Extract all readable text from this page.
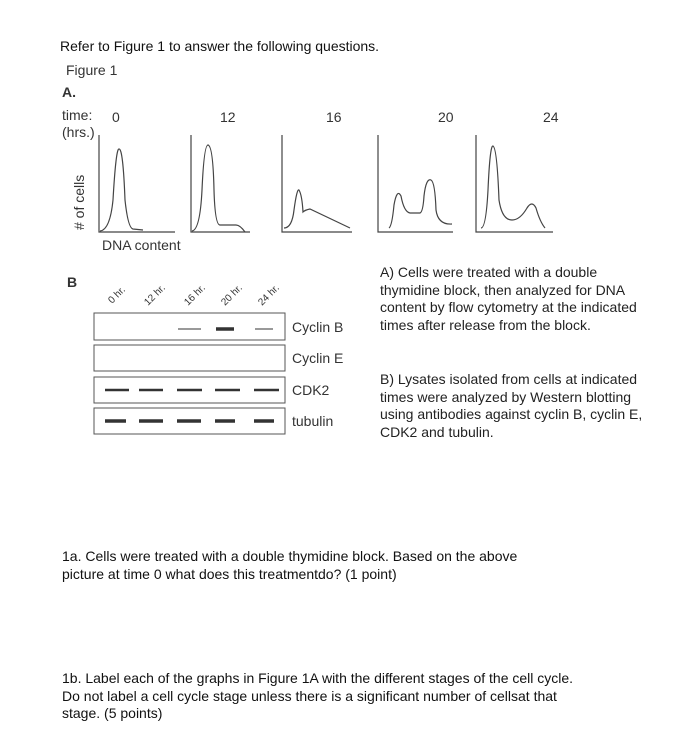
Refer to Figure 1 to answer the following questions.
Figure 1
A.
time:
(hrs.)
# of cells
DNA content
0	12	16	20	24
B
0 hr. 12 hr. 16 hr. 20 hr. 24 hr.
Cyclin B
Cyclin E
CDK2
tubulin
A) Cells were treated with a double thymidine block, then analyzed for DNA content by flow cytometry at the indicated times after release from the block.
B) Lysates isolated from cells at indicated times were analyzed by Western blotting using antibodies against cyclin B, cyclin E, CDK2 and tubulin.
1a. Cells were treated with a double thymidine block. Based on the above picture at time 0 what does this treatmentdo? (1 point)
1b. Label each of the graphs in Figure 1A with the different stages of the cell cycle. Do not label a cell cycle stage unless there is a significant number of cellsat that stage. (5 points)
